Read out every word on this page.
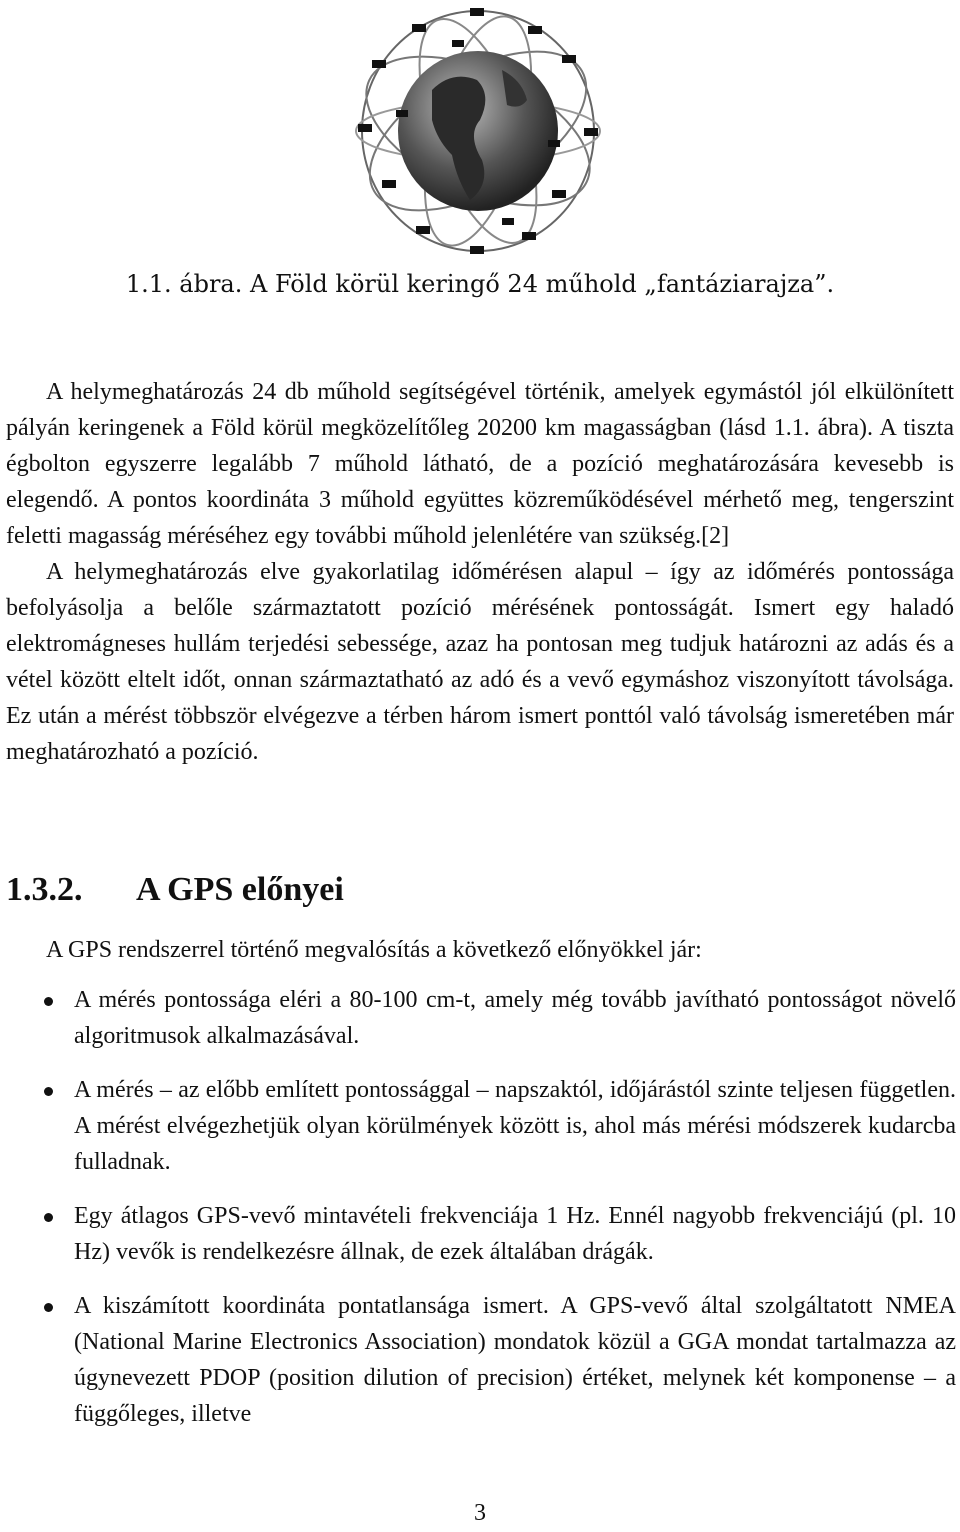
1.1. ábra. A Föld körül keringő 24 műhold „fantáziarajza”.

A helymeghatározás 24 db műhold segítségével történik, amelyek egymástól jól elkülönített pályán keringenek a Föld körül megközelítőleg 20200 km magasságban (lásd 1.1. ábra). A tiszta égbolton egyszerre legalább 7 műhold látható, de a pozíció meghatározására kevesebb is elegendő. A pontos koordináta 3 műhold együttes közreműködésével mérhető meg, tengerszint feletti magasság méréséhez egy további műhold jelenlétére van szükség.[2]

A helymeghatározás elve gyakorlatilag időmérésen alapul – így az időmérés pontossága befolyásolja a belőle származtatott pozíció mérésének pontosságát. Ismert egy haladó elektromágneses hullám terjedési sebessége, azaz ha pontosan meg tudjuk határozni az adás és a vétel között eltelt időt, onnan származtatható az adó és a vevő egymáshoz viszonyított távolsága. Ez után a mérést többször elvégezve a térben három ismert ponttól való távolság ismeretében már meghatározható a pozíció.

1.3.2. A GPS előnyei
A GPS rendszerrel történő megvalósítás a következő előnyökkel jár:
A mérés pontossága eléri a 80-100 cm-t, amely még tovább javítható pontosságot növelő algoritmusok alkalmazásával.
A mérés – az előbb említett pontossággal – napszaktól, időjárástól szinte teljesen független. A mérést elvégezhetjük olyan körülmények között is, ahol más mérési módszerek kudarcba fulladnak.
Egy átlagos GPS-vevő mintavételi frekvenciája 1 Hz. Ennél nagyobb frekvenciájú (pl. 10 Hz) vevők is rendelkezésre állnak, de ezek általában drágák.
A kiszámított koordináta pontatlansága ismert. A GPS-vevő által szolgáltatott NMEA (National Marine Electronics Association) mondatok közül a GGA mondat tartalmazza az úgynevezett PDOP (position dilution of precision) értéket, melynek két komponense – a függőleges, illetve
3
